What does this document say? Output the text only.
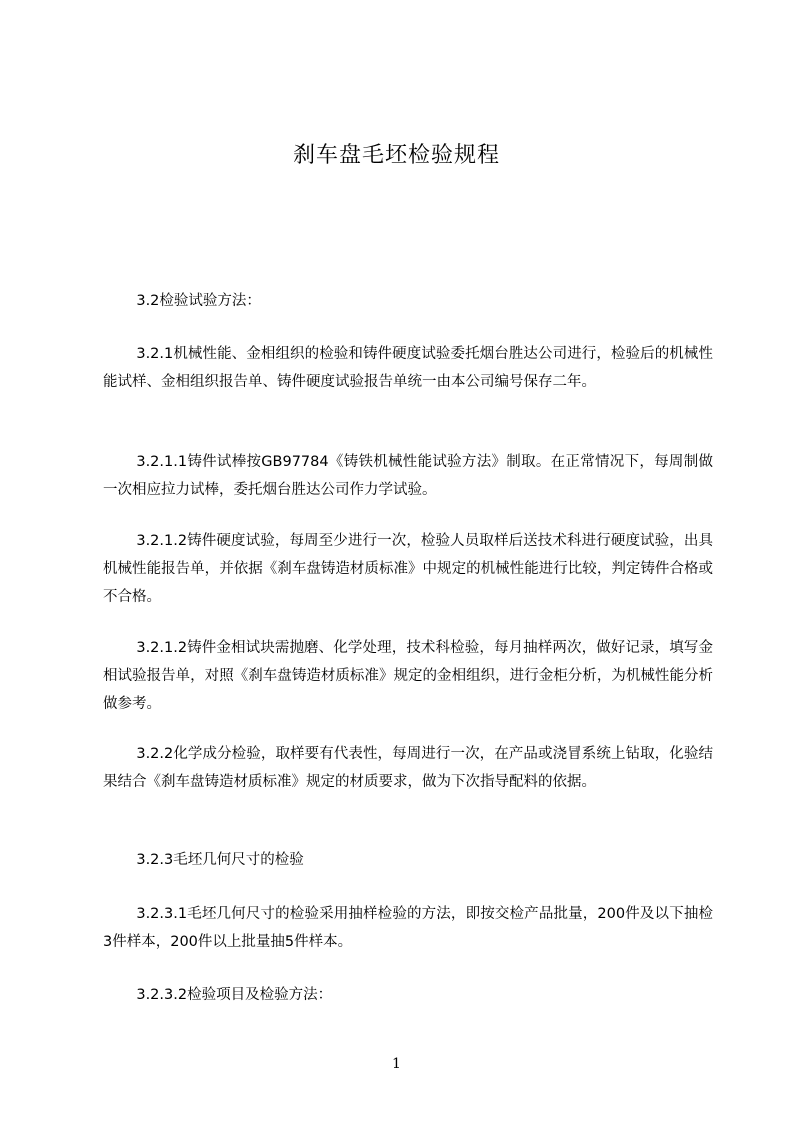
刹车盘毛坯检验规程
3.2检验试验方法：
3.2.1机械性能、金相组织的检验和铸件硬度试验委托烟台胜达公司进行，检验后的机械性能试样、金相组织报告单、铸件硬度试验报告单统一由本公司编号保存二年。
3.2.1.1铸件试棒按GB97784《铸铁机械性能试验方法》制取。在正常情况下，每周制做一次相应拉力试棒，委托烟台胜达公司作力学试验。
3.2.1.2铸件硬度试验，每周至少进行一次，检验人员取样后送技术科进行硬度试验，出具机械性能报告单，并依据《刹车盘铸造材质标准》中规定的机械性能进行比较，判定铸件合格或不合格。
3.2.1.2铸件金相试块需抛磨、化学处理，技术科检验，每月抽样两次，做好记录，填写金相试验报告单，对照《刹车盘铸造材质标准》规定的金相组织，进行金柜分析，为机械性能分析做参考。
3.2.2化学成分检验，取样要有代表性，每周进行一次，在产品或浇冒系统上钻取，化验结果结合《刹车盘铸造材质标准》规定的材质要求，做为下次指导配料的依据。
3.2.3毛坯几何尺寸的检验
3.2.3.1毛坯几何尺寸的检验采用抽样检验的方法，即按交检产品批量，200件及以下抽检3件样本，200件以上批量抽5件样本。
3.2.3.2检验项目及检验方法：
1
